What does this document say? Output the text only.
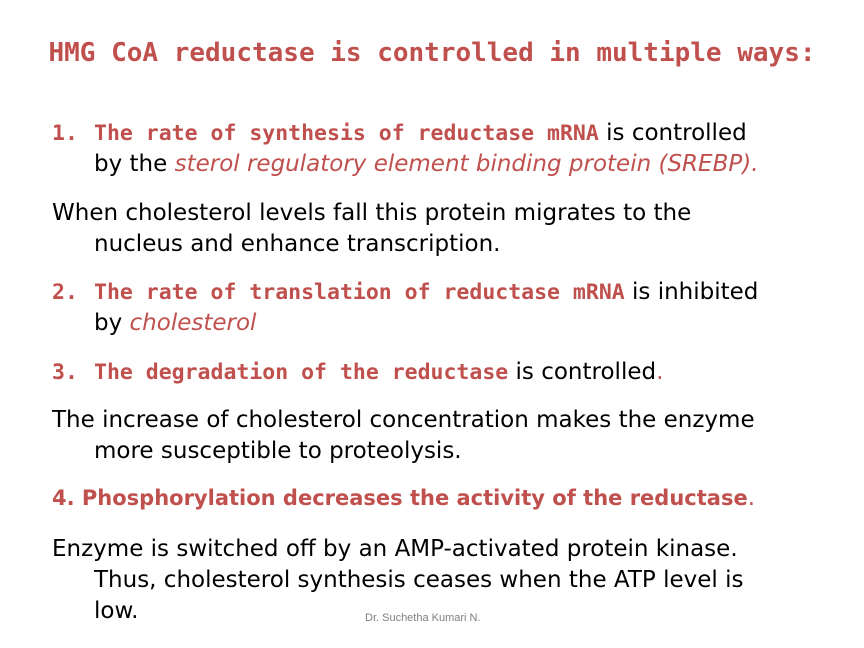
HMG CoA reductase is controlled in multiple ways:
1. The rate of synthesis of reductase mRNA is controlled
by the sterol regulatory element binding protein (SREBP).
When cholesterol levels fall this protein migrates to the
nucleus and enhance transcription.
2. The rate of translation of reductase mRNA is inhibited
by cholesterol
3. The degradation of the reductase is controlled.
The increase of cholesterol concentration makes the enzyme
more susceptible to proteolysis.
4. Phosphorylation decreases the activity of the reductase.
Enzyme is switched off by an AMP-activated protein kinase.
Thus, cholesterol synthesis ceases when the ATP level is
low.	Dr. Suchetha Kumari N.
